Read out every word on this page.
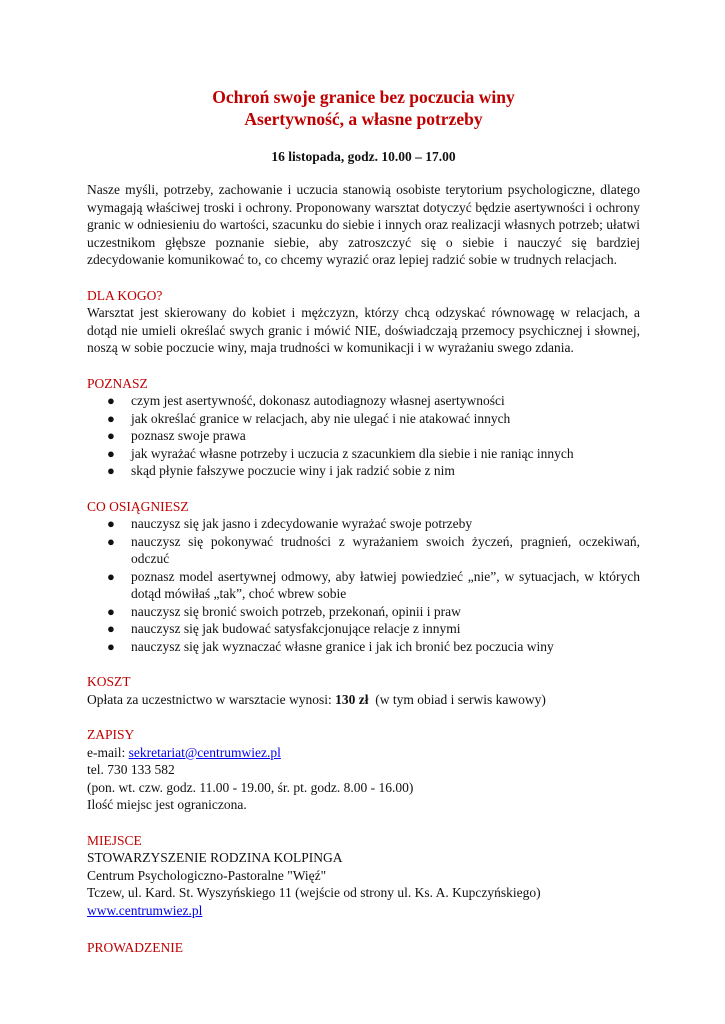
Ochroń swoje granice bez poczucia winy
Asertywność, a własne potrzeby

16 listopada, godz. 10.00 – 17.00

Nasze myśli, potrzeby, zachowanie i uczucia stanowią osobiste terytorium psychologiczne, dlatego wymagają właściwej troski i ochrony. Proponowany warsztat dotyczyć będzie asertywności i ochrony granic w odniesieniu do wartości, szacunku do siebie i innych oraz realizacji własnych potrzeb; ułatwi uczestnikom głębsze poznanie siebie, aby zatroszczyć się o siebie i nauczyć się bardziej zdecydowanie komunikować to, co chcemy wyrazić oraz lepiej radzić sobie w trudnych relacjach.

DLA KOGO?

Warsztat jest skierowany do kobiet i mężczyzn, którzy chcą odzyskać równowagę w relacjach, a dotąd nie umieli określać swych granic i mówić NIE, doświadczają przemocy psychicznej i słownej, noszą w sobie poczucie winy, maja trudności w komunikacji i w wyrażaniu swego zdania.

POZNASZ

● czym jest asertywność, dokonasz autodiagnozy własnej asertywności
● jak określać granice w relacjach, aby nie ulegać i nie atakować innych
● poznasz swoje prawa
● jak wyrażać własne potrzeby i uczucia z szacunkiem dla siebie i nie raniąc innych
● skąd płynie fałszywe poczucie winy i jak radzić sobie z nim

CO OSIĄGNIESZ

● nauczysz się jak jasno i zdecydowanie wyrażać swoje potrzeby
● nauczysz się pokonywać trudności z wyrażaniem swoich życzeń, pragnień, oczekiwań, odczuć
● poznasz model asertywnej odmowy, aby łatwiej powiedzieć „nie”, w sytuacjach, w których dotąd mówiłaś „tak”, choć wbrew sobie
● nauczysz się bronić swoich potrzeb, przekonań, opinii i praw
● nauczysz się jak budować satysfakcjonujące relacje z innymi
● nauczysz się jak wyznaczać własne granice i jak ich bronić bez poczucia winy

KOSZT

Opłata za uczestnictwo w warsztacie wynosi: 130 zł  (w tym obiad i serwis kawowy)

ZAPISY

e-mail: sekretariat@centrumwiez.pl

tel. 730 133 582

(pon. wt. czw. godz. 11.00 - 19.00, śr. pt. godz. 8.00 - 16.00)

Ilość miejsc jest ograniczona.

MIEJSCE

STOWARZYSZENIE RODZINA KOLPINGA

Centrum Psychologiczno-Pastoralne "Więź"

Tczew, ul. Kard. St. Wyszyńskiego 11 (wejście od strony ul. Ks. A. Kupczyńskiego)

www.centrumwiez.pl

PROWADZENIE
